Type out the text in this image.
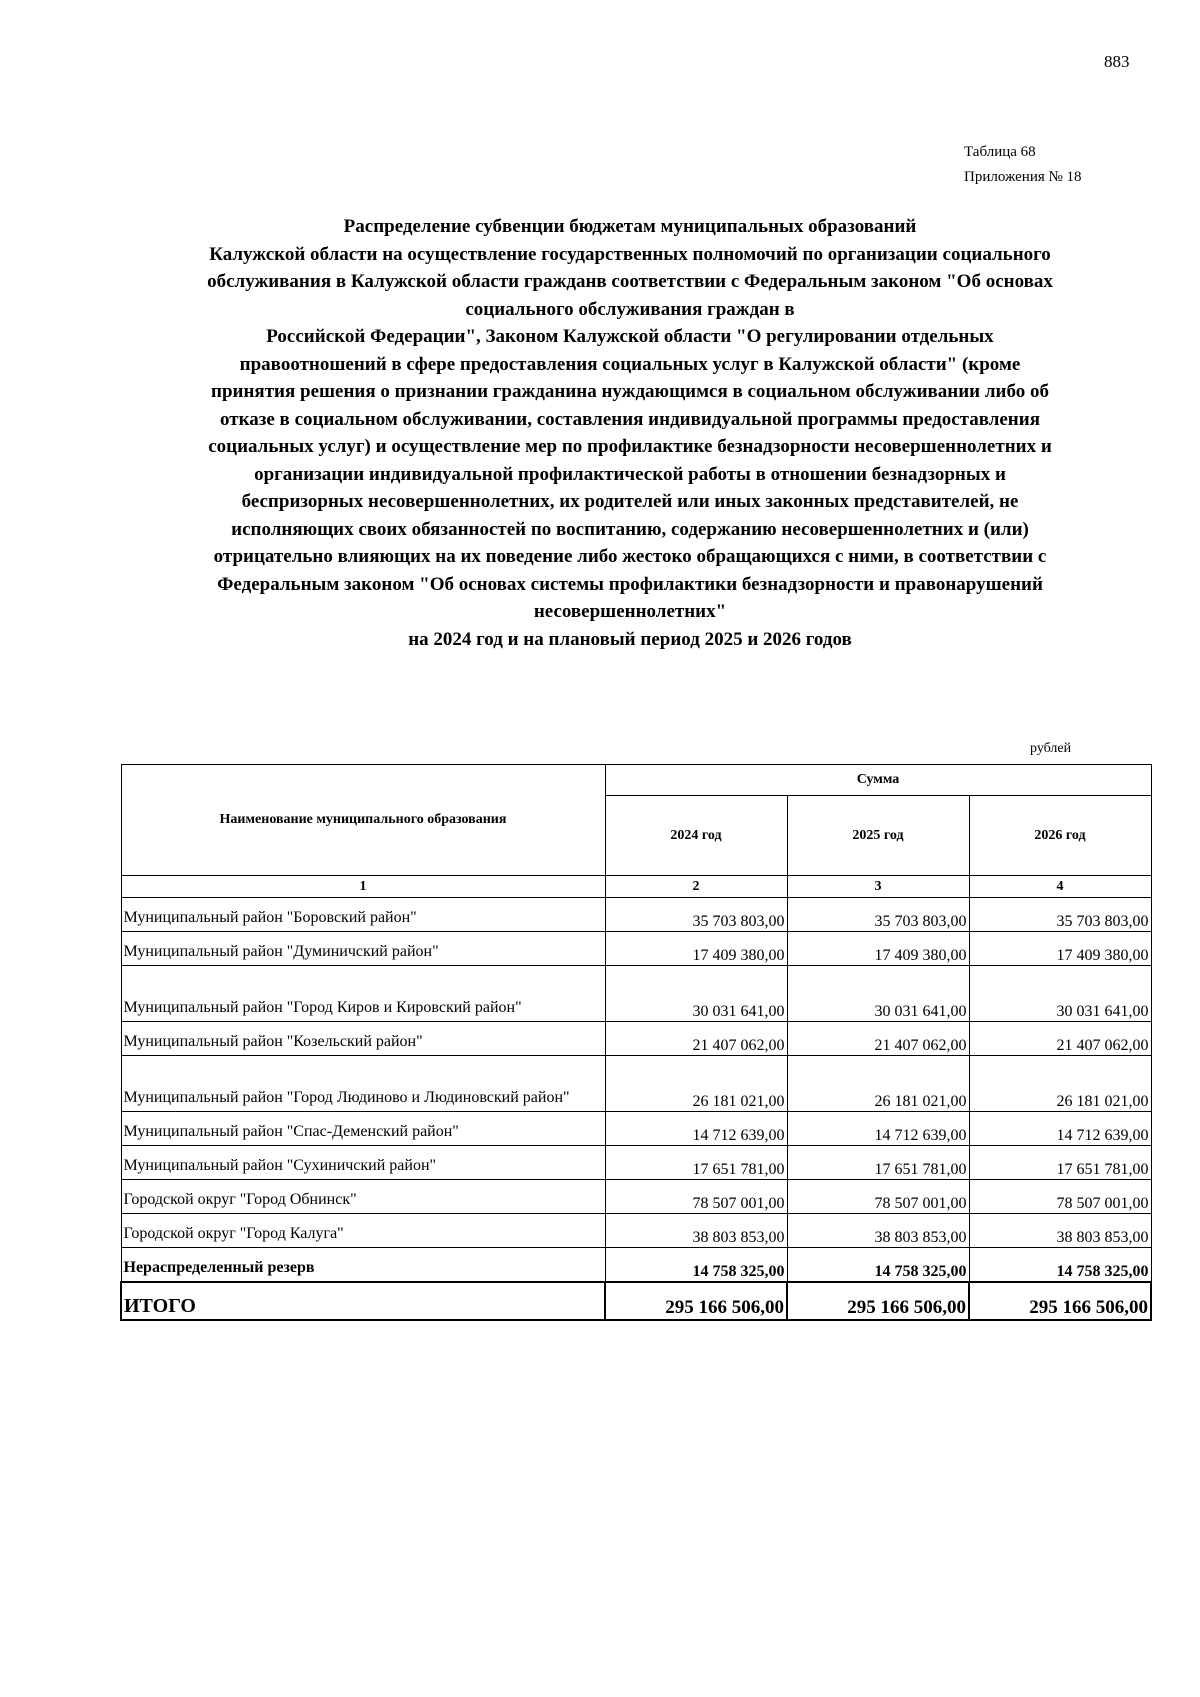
883
Таблица 68
Приложения № 18
Распределение субвенции бюджетам муниципальных образований
Калужской области на осуществление государственных полномочий по организации социального
обслуживания в Калужской области гражданв соответствии с Федеральным законом "Об основах
социального обслуживания граждан в
Российской Федерации", Законом Калужской области "О регулировании отдельных
правоотношений в сфере предоставления социальных услуг в Калужской области" (кроме
принятия решения о признании гражданина нуждающимся в социальном обслуживании либо об
отказе в социальном обслуживании, составления индивидуальной программы предоставления
социальных услуг) и осуществление мер по профилактике безнадзорности несовершеннолетних и
организации индивидуальной профилактической работы в отношении безнадзорных и
беспризорных несовершеннолетних, их родителей или иных законных представителей, не
исполняющих своих обязанностей по воспитанию, содержанию несовершеннолетних и (или)
отрицательно влияющих на их поведение либо жестоко обращающихся с ними, в соответствии с
Федеральным законом "Об основах системы профилактики безнадзорности и правонарушений
несовершеннолетних"
на 2024 год и на плановый период 2025 и 2026 годов
рублей
Наименование муниципального образования	Сумма		
	2024 год	2025 год	2026 год
1	2	3	4
Муниципальный район "Боровский район"	35 703 803,00	35 703 803,00	35 703 803,00
Муниципальный район "Думиничский район"	17 409 380,00	17 409 380,00	17 409 380,00
Муниципальный район "Город Киров и Кировский район"	30 031 641,00	30 031 641,00	30 031 641,00
Муниципальный район "Козельский район"	21 407 062,00	21 407 062,00	21 407 062,00
Муниципальный район "Город Людиново и Людиновский район"	26 181 021,00	26 181 021,00	26 181 021,00
Муниципальный район "Спас-Деменский район"	14 712 639,00	14 712 639,00	14 712 639,00
Муниципальный район "Сухиничский район"	17 651 781,00	17 651 781,00	17 651 781,00
Городской округ "Город Обнинск"	78 507 001,00	78 507 001,00	78 507 001,00
Городской округ "Город Калуга"	38 803 853,00	38 803 853,00	38 803 853,00
Нераспределенный резерв	14 758 325,00	14 758 325,00	14 758 325,00
ИТОГО	295 166 506,00	295 166 506,00	295 166 506,00
